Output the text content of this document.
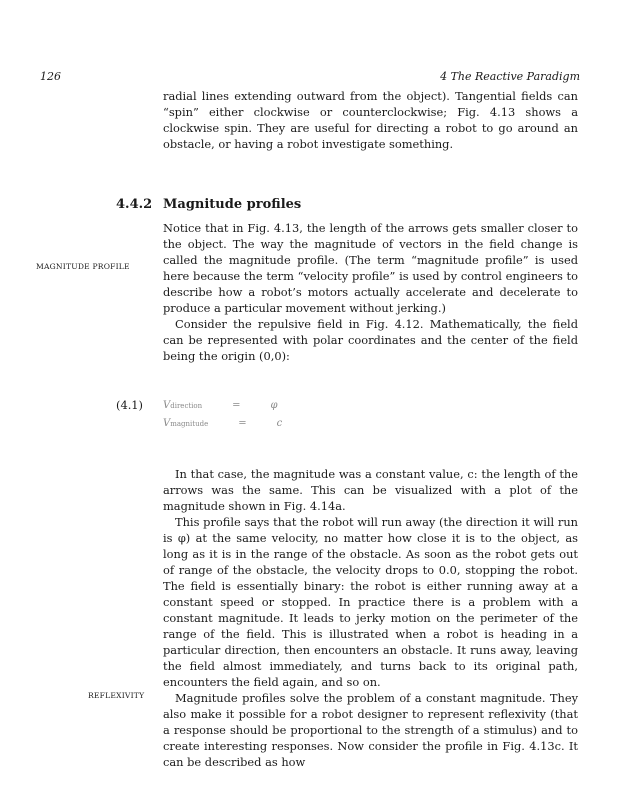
126	4 The Reactive Paradigm

radial lines extending outward from the object). Tangential fields can “spin” either clockwise or counterclockwise; Fig. 4.13 shows a clockwise spin. They are useful for directing a robot to go around an obstacle, or having a robot investigate something.

4.4.2 Magnitude profiles
MAGNITUDE PROFILE

Notice that in Fig. 4.13, the length of the arrows gets smaller closer to the object. The way the magnitude of vectors in the field change is called the magnitude profile. (The term “magnitude profile” is used here because the term “velocity profile” is used by control engineers to describe how a robot’s motors actually accelerate and decelerate to produce a particular movement without jerking.)

Consider the repulsive field in Fig. 4.12. Mathematically, the field can be represented with polar coordinates and the center of the field being the origin (0,0):

(4.1) Vdirection	=	φ
Vmagnitude	=	c

In that case, the magnitude was a constant value, c: the length of the arrows was the same. This can be visualized with a plot of the magnitude shown in Fig. 4.14a.

This profile says that the robot will run away (the direction it will run is φ) at the same velocity, no matter how close it is to the object, as long as it is in the range of the obstacle. As soon as the robot gets out of range of the obstacle, the velocity drops to 0.0, stopping the robot. The field is essentially binary: the robot is either running away at a constant speed or stopped. In practice there is a problem with a constant magnitude. It leads to jerky motion on the perimeter of the range of the field. This is illustrated when a robot is heading in a particular direction, then encounters an obstacle. It runs away, leaving the field almost immediately, and turns back to its original path, encounters the field again, and so on.

Magnitude profiles solve the problem of a constant magnitude. They also make it possible for a robot designer to represent reflexivity (that a response should be proportional to the strength of a stimulus) and to create interesting responses. Now consider the profile in Fig. 4.13c. It can be described as how

REFLEXIVITY
